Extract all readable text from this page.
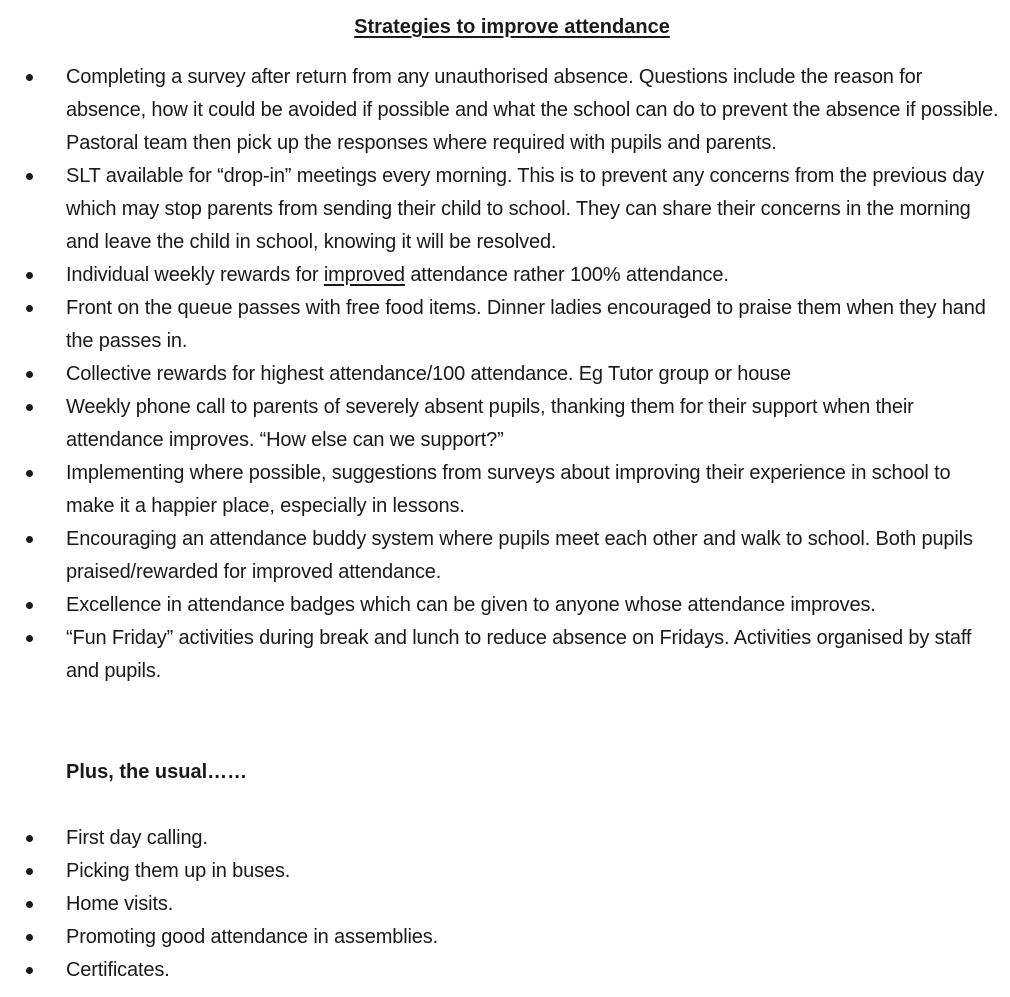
Strategies to improve attendance
Completing a survey after return from any unauthorised absence. Questions include the reason for absence, how it could be avoided if possible and what the school can do to prevent the absence if possible. Pastoral team then pick up the responses where required with pupils and parents.
SLT available for “drop-in” meetings every morning. This is to prevent any concerns from the previous day which may stop parents from sending their child to school. They can share their concerns in the morning and leave the child in school, knowing it will be resolved.
Individual weekly rewards for improved attendance rather 100% attendance.
Front on the queue passes with free food items. Dinner ladies encouraged to praise them when they hand the passes in.
Collective rewards for highest attendance/100 attendance. Eg Tutor group or house
Weekly phone call to parents of severely absent pupils, thanking them for their support when their attendance improves. “How else can we support?”
Implementing where possible, suggestions from surveys about improving their experience in school to make it a happier place, especially in lessons.
Encouraging an attendance buddy system where pupils meet each other and walk to school. Both pupils praised/rewarded for improved attendance.
Excellence in attendance badges which can be given to anyone whose attendance improves.
“Fun Friday” activities during break and lunch to reduce absence on Fridays. Activities organised by staff and pupils.
Plus, the usual……
First day calling.
Picking them up in buses.
Home visits.
Promoting good attendance in assemblies.
Certificates.
